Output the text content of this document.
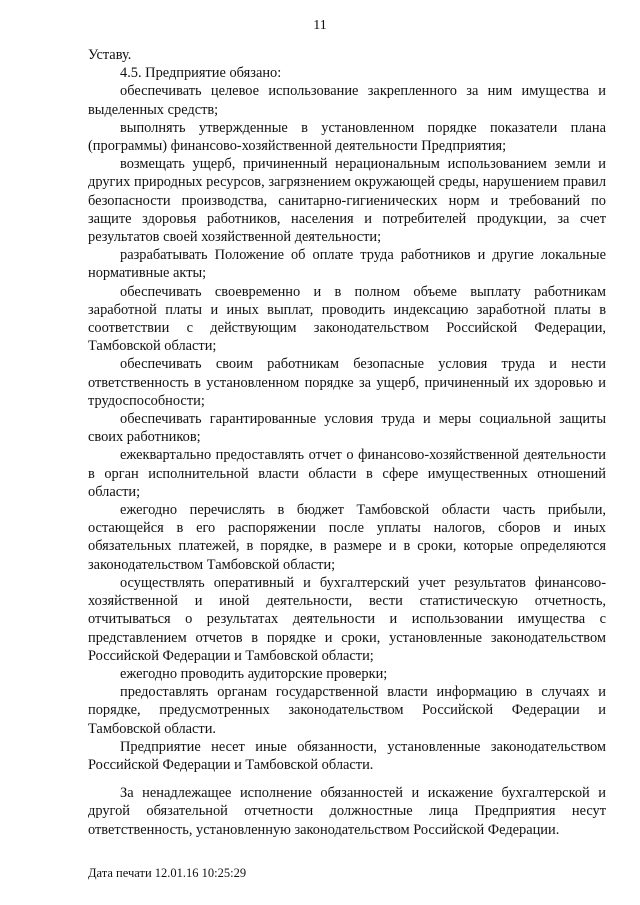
11

Уставу.

4.5. Предприятие обязано:

обеспечивать целевое использование закрепленного за ним имущества и выделенных средств;

выполнять утвержденные в установленном порядке показатели плана (программы) финансово-хозяйственной деятельности Предприятия;

возмещать ущерб, причиненный нерациональным использованием земли и других природных ресурсов, загрязнением окружающей среды, нарушением правил безопасности производства, санитарно-гигиенических норм и требований по защите здоровья работников, населения и потребителей продукции, за счет результатов своей хозяйственной деятельности;

разрабатывать Положение об оплате труда работников и другие локальные нормативные акты;

обеспечивать своевременно и в полном объеме выплату работникам заработной платы и иных выплат, проводить индексацию заработной платы в соответствии с действующим законодательством Российской Федерации, Тамбовской области;

обеспечивать своим работникам безопасные условия труда и нести ответственность в установленном порядке за ущерб, причиненный их здоровью и трудоспособности;

обеспечивать гарантированные условия труда и меры социальной защиты своих работников;

ежеквартально предоставлять отчет о финансово-хозяйственной деятельности в орган исполнительной власти области в сфере имущественных отношений области;

ежегодно перечислять в бюджет Тамбовской области часть прибыли, остающейся в его распоряжении после уплаты налогов, сборов и иных обязательных платежей, в порядке, в размере и в сроки, которые определяются законодательством Тамбовской области;

осуществлять оперативный и бухгалтерский учет результатов финансово-хозяйственной и иной деятельности, вести статистическую отчетность, отчитываться о результатах деятельности и использовании имущества с представлением отчетов в порядке и сроки, установленные законодательством Российской Федерации и Тамбовской области;

ежегодно проводить аудиторские проверки;

предоставлять органам государственной власти информацию в случаях и порядке, предусмотренных законодательством Российской Федерации и Тамбовской области.

Предприятие несет иные обязанности, установленные законодательством Российской Федерации и Тамбовской области.

За ненадлежащее исполнение обязанностей и искажение бухгалтерской и другой обязательной отчетности должностные лица Предприятия несут ответственность, установленную законодательством Российской Федерации.

Дата печати 12.01.16 10:25:29
